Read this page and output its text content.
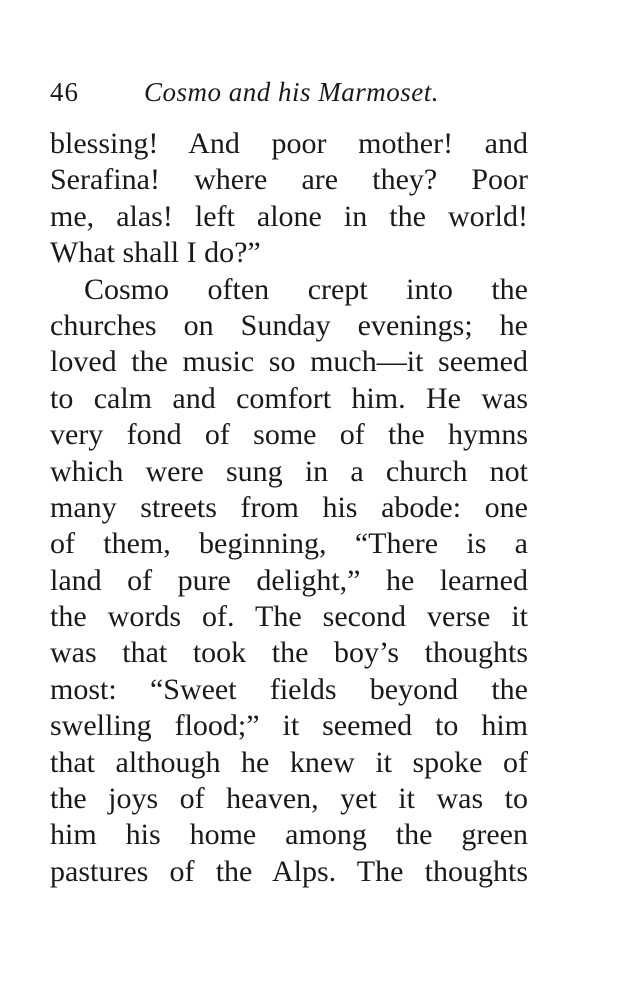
46 Cosmo and his Marmoset.
blessing! And poor mother! and
Serafina! where are they? Poor
me, alas! left alone in the world!
What shall I do?”
Cosmo often crept into the
churches on Sunday evenings; he
loved the music so much—it seemed
to calm and comfort him. He was
very fond of some of the hymns
which were sung in a church not
many streets from his abode: one
of them, beginning, “There is a
land of pure delight,” he learned
the words of. The second verse it
was that took the boy’s thoughts
most: “Sweet fields beyond the
swelling flood;” it seemed to him
that although he knew it spoke of
the joys of heaven, yet it was to
him his home among the green
pastures of the Alps. The thoughts
